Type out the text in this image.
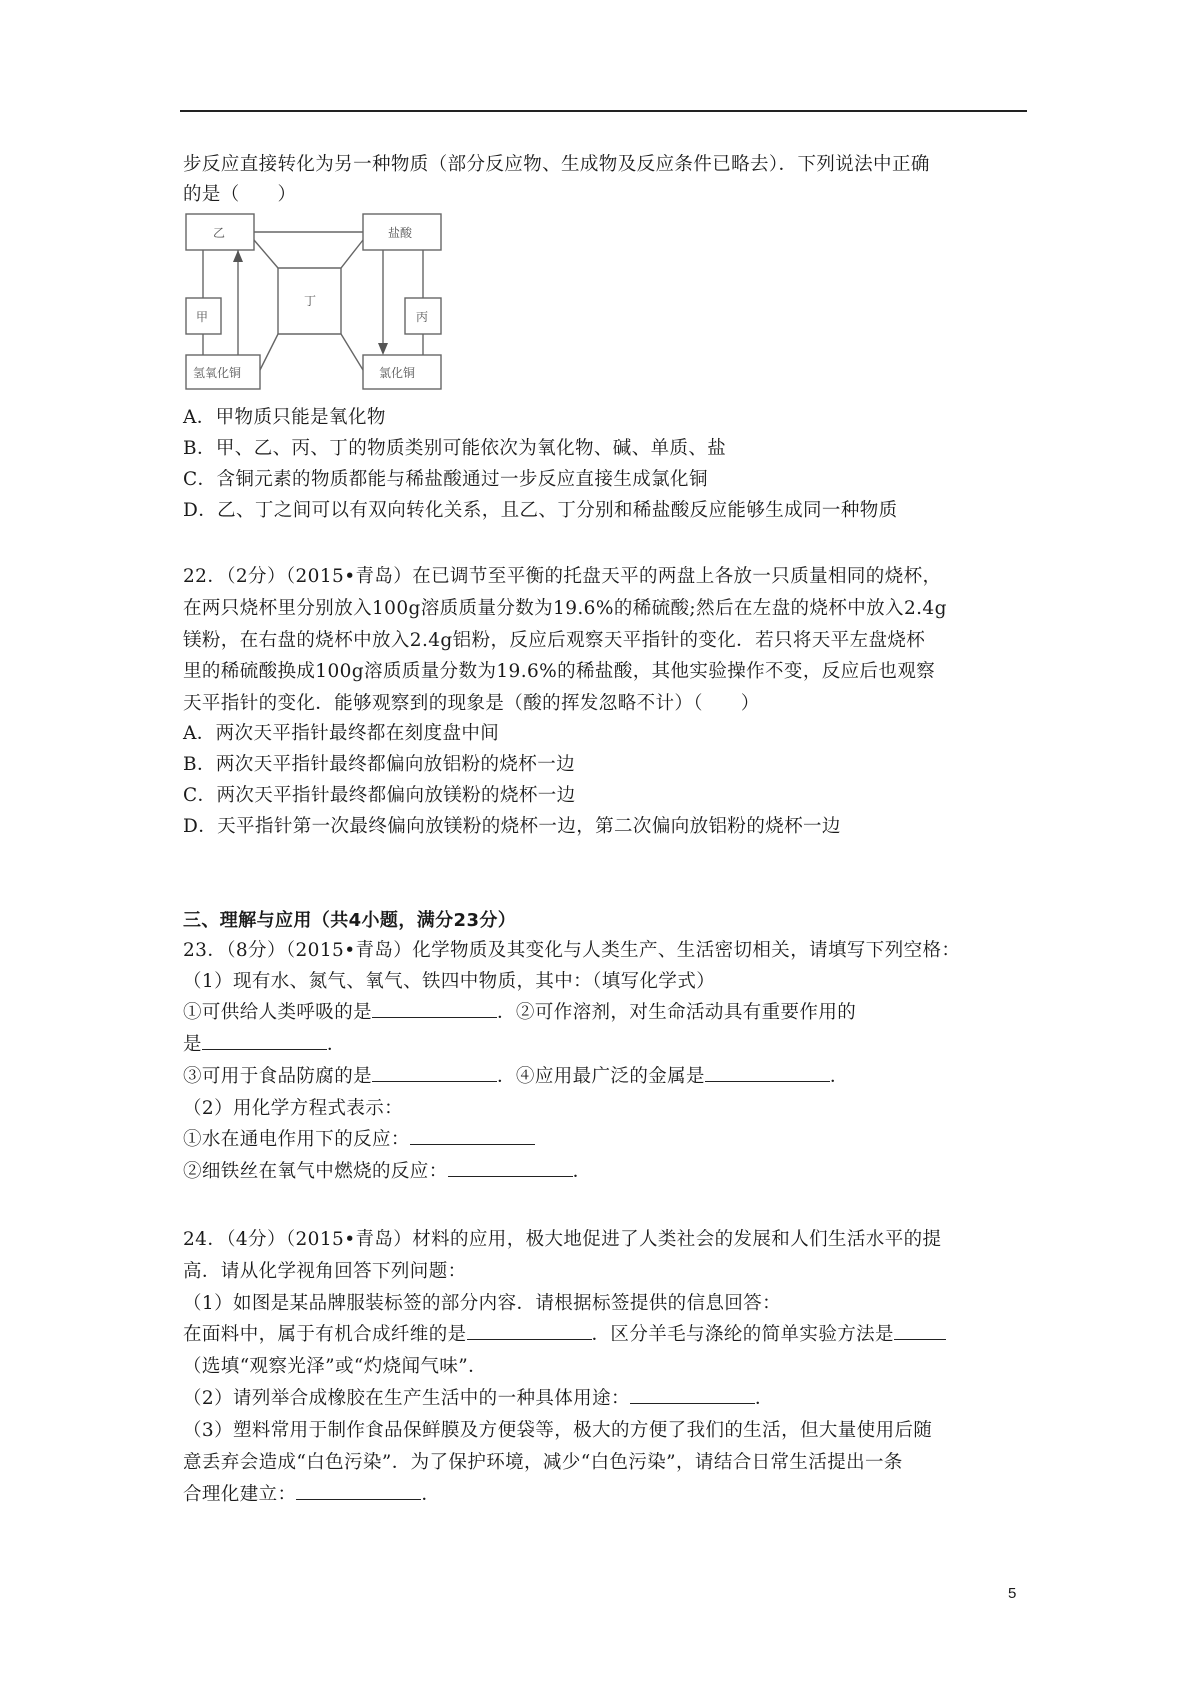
步反应直接转化为另一种物质（部分反应物、生成物及反应条件已略去）．下列说法中正确
的是（　　）
乙	盐酸
甲
丁
丙
氢氧化铜	氯化铜
A．甲物质只能是氧化物
B．甲、乙、丙、丁的物质类别可能依次为氧化物、碱、单质、盐
C．含铜元素的物质都能与稀盐酸通过一步反应直接生成氯化铜
D．乙、丁之间可以有双向转化关系，且乙、丁分别和稀盐酸反应能够生成同一种物质
22．（2分）（2015•青岛）在已调节至平衡的托盘天平的两盘上各放一只质量相同的烧杯，
在两只烧杯里分别放入100g溶质质量分数为19.6%的稀硫酸;然后在左盘的烧杯中放入2.4g
镁粉，在右盘的烧杯中放入2.4g铝粉，反应后观察天平指针的变化．若只将天平左盘烧杯
里的稀硫酸换成100g溶质质量分数为19.6%的稀盐酸，其他实验操作不变，反应后也观察
天平指针的变化．能够观察到的现象是（酸的挥发忽略不计）（　　）
A．两次天平指针最终都在刻度盘中间
B．两次天平指针最终都偏向放铝粉的烧杯一边
C．两次天平指针最终都偏向放镁粉的烧杯一边
D．天平指针第一次最终偏向放镁粉的烧杯一边，第二次偏向放铝粉的烧杯一边
三、理解与应用（共4小题，满分23分）
23．（8分）（2015•青岛）化学物质及其变化与人类生产、生活密切相关，请填写下列空格：
（1）现有水、氮气、氧气、铁四中物质，其中：（填写化学式）
①可供给人类呼吸的是	．②可作溶剂，对生命活动具有重要作用的
是	．
③可用于食品防腐的是	．④应用最广泛的金属是	．
（2）用化学方程式表示：
①水在通电作用下的反应：
②细铁丝在氧气中燃烧的反应：	．
24．（4分）（2015•青岛）材料的应用，极大地促进了人类社会的发展和人们生活水平的提
高．请从化学视角回答下列问题：
（1）如图是某品牌服装标签的部分内容．请根据标签提供的信息回答：
在面料中，属于有机合成纤维的是	．区分羊毛与涤纶的简单实验方法是
（选填“观察光泽”或“灼烧闻气味”．
（2）请列举合成橡胶在生产生活中的一种具体用途：	．
（3）塑料常用于制作食品保鲜膜及方便袋等，极大的方便了我们的生活，但大量使用后随
意丢弃会造成“白色污染”．为了保护环境，减少“白色污染”，请结合日常生活提出一条
合理化建立：	．
5
